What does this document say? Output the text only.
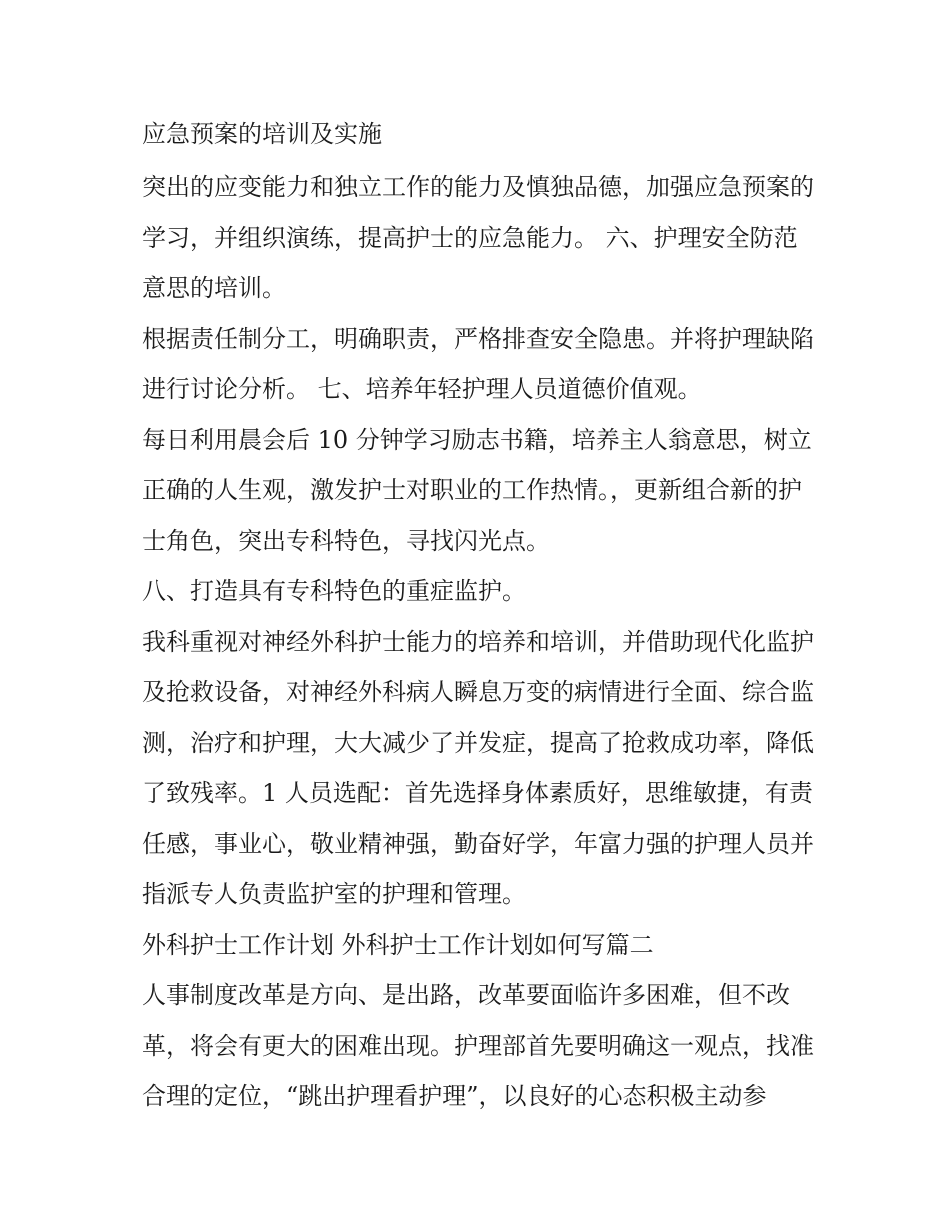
应急预案的培训及实施

突出的应变能力和独立工作的能力及慎独品德，加强应急预案的学习，并组织演练，提高护士的应急能力。 六、护理安全防范意思的培训。

根据责任制分工，明确职责，严格排查安全隐患。并将护理缺陷进行讨论分析。 七、培养年轻护理人员道德价值观。

每日利用晨会后 10 分钟学习励志书籍，培养主人翁意思，树立正确的人生观，激发护士对职业的工作热情。，更新组合新的护士角色，突出专科特色，寻找闪光点。

八、打造具有专科特色的重症监护。

我科重视对神经外科护士能力的培养和培训，并借助现代化监护及抢救设备，对神经外科病人瞬息万变的病情进行全面、综合监测，治疗和护理，大大减少了并发症，提高了抢救成功率，降低了致残率。1 人员选配：首先选择身体素质好，思维敏捷，有责任感，事业心，敬业精神强，勤奋好学，年富力强的护理人员并指派专人负责监护室的护理和管理。

外科护士工作计划 外科护士工作计划如何写篇二

人事制度改革是方向、是出路，改革要面临许多困难，但不改革，将会有更大的困难出现。护理部首先要明确这一观点，找准合理的定位，“跳出护理看护理”，以良好的心态积极主动参
